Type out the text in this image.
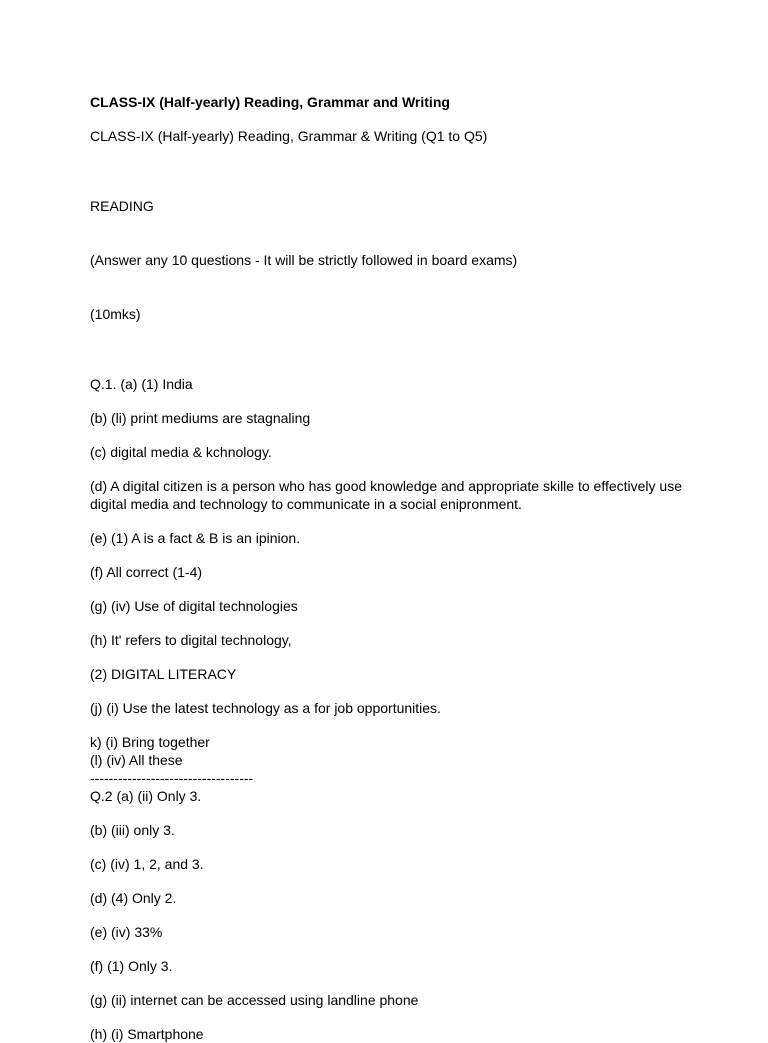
CLASS-IX (Half-yearly) Reading, Grammar and Writing

CLASS-IX (Half-yearly) Reading, Grammar & Writing (Q1 to Q5)

READING

(Answer any 10 questions - It will be strictly followed in board exams)

(10mks)

Q.1. (a) (1) India

(b) (li) print mediums are stagnaling

(c) digital media & kchnology.

(d) A digital citizen is a person who has good knowledge and appropriate skille to effectively use digital media and technology to communicate in a social enipronment.

(e) (1) A is a fact & B is an ipinion.

(f) All correct (1-4)

(g) (iv) Use of digital technologies

(h) It' refers to digital technology,

(2) DIGITAL LITERACY

(j) (i) Use the latest technology as a for job opportunities.

k) (i) Bring together
(l) (iv) All these
-----------------------------------

Q.2 (a) (ii) Only 3.

(b) (iii) only 3.

(c) (iv) 1, 2, and 3.

(d) (4) Only 2.

(e) (iv) 33%

(f) (1) Only 3.

(g) (ii) internet can be accessed using landline phone

(h) (i) Smartphone
